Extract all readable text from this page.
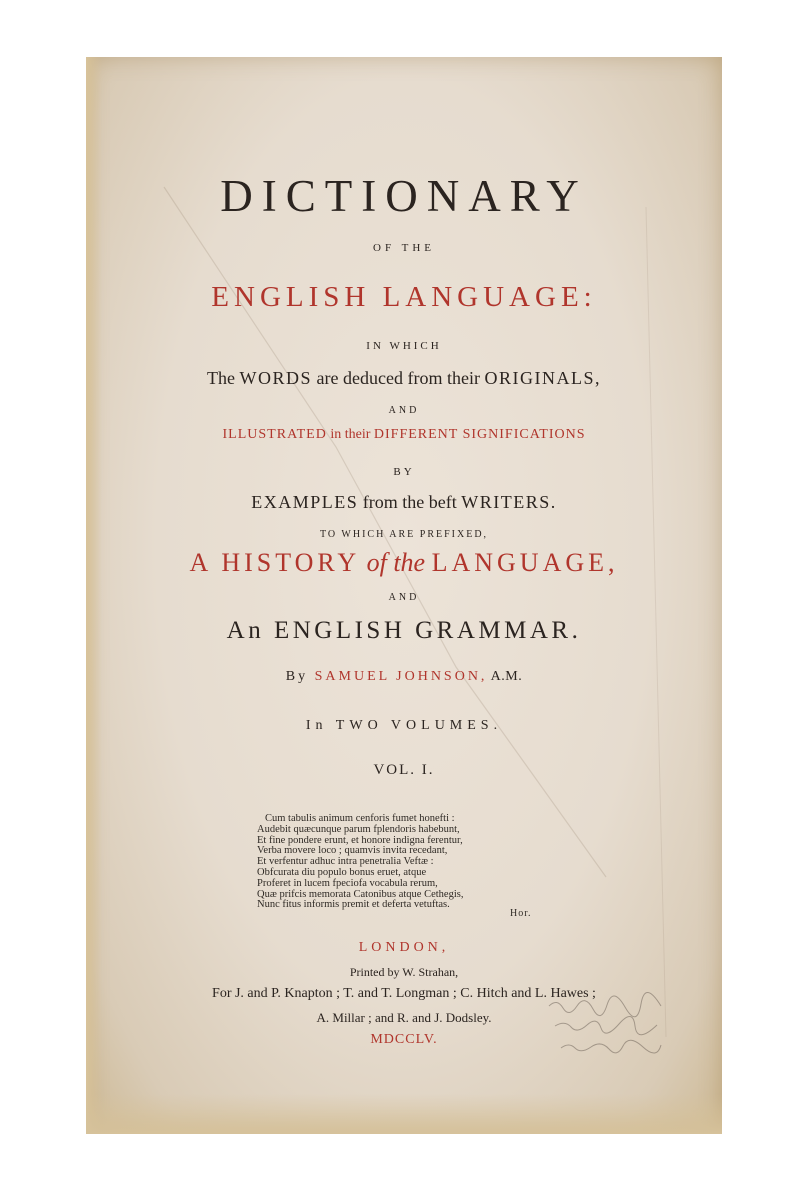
DICTIONARY
OF THE
ENGLISH LANGUAGE:
IN WHICH
The WORDS are deduced from their ORIGINALS,
AND
ILLUSTRATED in their DIFFERENT SIGNIFICATIONS
BY
EXAMPLES from the beft WRITERS.
TO WHICH ARE PREFIXED,
A HISTORY of the LANGUAGE,
AND
An ENGLISH GRAMMAR.
By SAMUEL JOHNSON, A.M.
In TWO VOLUMES.
VOL. I.
Cum tabulis animum cenforis fumet honefti :
Audebit quæcunque parum fplendoris habebunt,
Et fine pondere erunt, et honore indigna ferentur,
Verba movere loco ; quamvis invita recedant,
Et verfentur adhuc intra penetralia Veftæ :
Obfcurata diu populo bonus eruet, atque
Proferet in lucem fpeciofa vocabula rerum,
Quæ prifcis memorata Catonibus atque Cethegis,
Nunc fitus informis premit et deferta vetuftas.
Hor.
LONDON,
Printed by W. Strahan,
For J. and P. Knapton ; T. and T. Longman ; C. Hitch and L. Hawes ;
A. Millar ; and R. and J. Dodsley.
MDCCLV.
